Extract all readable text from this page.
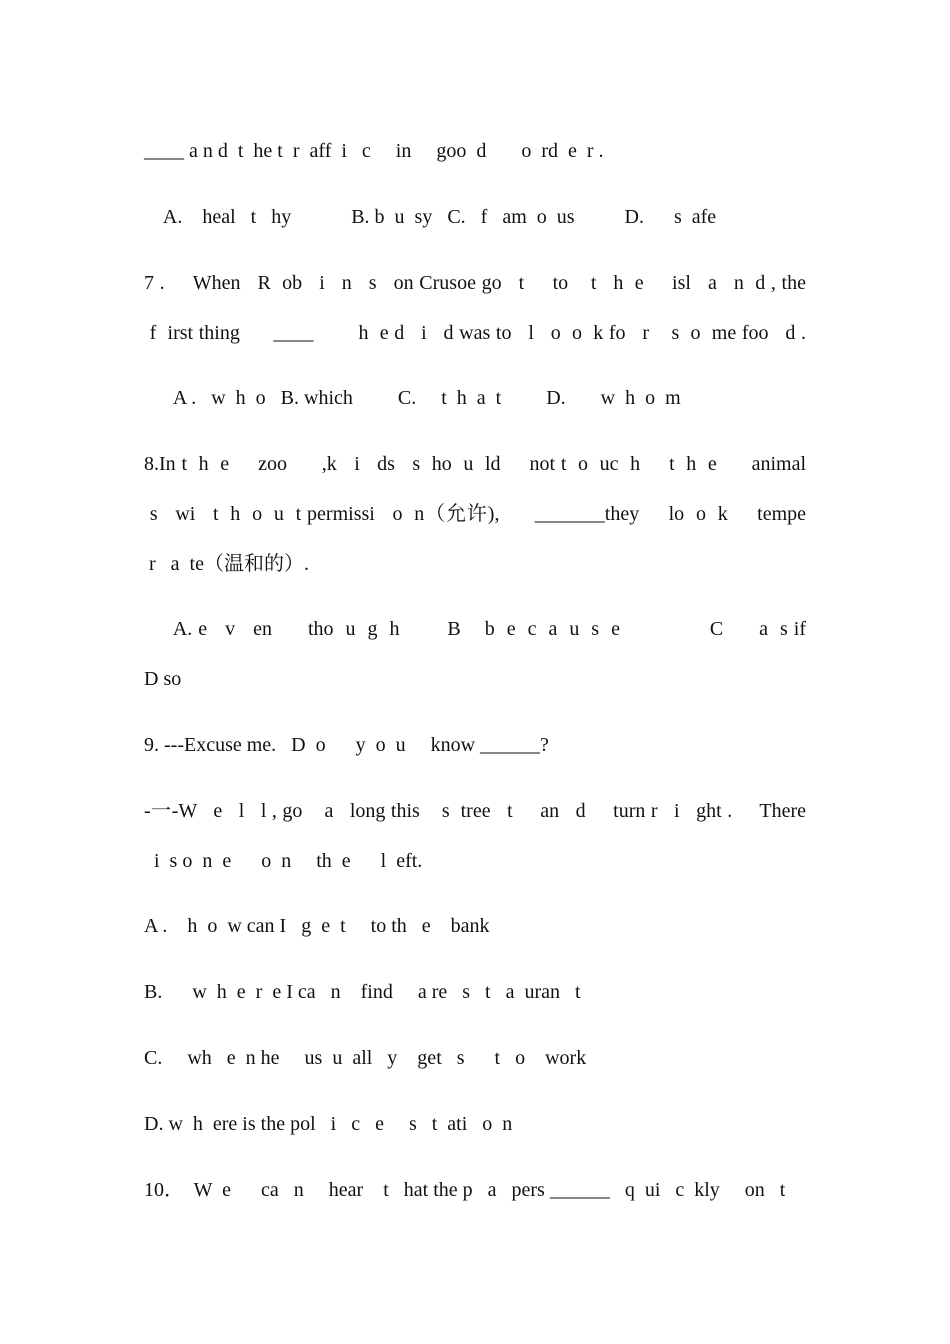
____ a n d  t  he t  r  aff  i   c     in     goo  d       o  rd  e  r .
A.    heal   t   hy            B. b  u  sy   C.   f   am  o  us          D.      s  afe
7 .     When   R  ob   i   n   s   on Crusoe go   t     to    t   h  e     isl   a   n  d , the
f  irst thing      ____        h  e d   i   d was to   l   o  o  k fo   r    s  o  me foo   d .
A .   w  h  o   B. which         C.     t  h  a  t         D.       w  h  o  m
8.In t  h  e     zoo      ,k   i   ds   s  ho  u  ld     not t  o  uc  h     t  h  e      animal
s   wi   t  h  o  u  t permissi   o  n（允许),      _______they     lo  o  k     tempe
r   a  te（温和的）.
A. e   v   en      tho  u  g  h        B    b  e  c  a  u  s  e               C      a  s if
D so
9. ---Excuse me.   D  o      y  o  u     know ______?
-一-W   e   l   l , go    a   long this    s  tree   t     an   d     turn r   i   ght .     There
i  s o  n  e      o  n     th  e      l  eft.
A .    h  o  w can I   g  e  t     to th   e    bank
B.      w  h  e  r  e I ca   n    find     a re   s   t   a  uran   t
C.     wh   e  n he     us  u  all   y    get   s      t   o    work
D. w  h  ere is the pol   i   c   e     s   t  ati   o  n
10．  W  e      ca   n     hear    t   hat the p   a   pers ______   q  ui   c  kly     on   t
